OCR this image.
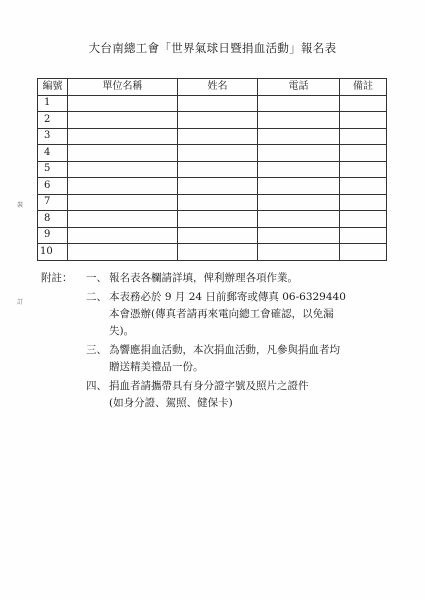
大台南總工會「世界氣球日暨捐血活動」報名表
裝
訂
編號	單位名稱	姓名	電話	備註
1				
2				
3				
4				
5				
6				
7				
8				
9				
10				
附註： 一、 報名表各欄請詳填，俾利辦理各項作業。
二、 本表務必於 9 月 24 日前郵寄或傳真 06-6329440
本會憑辦(傳真者請再來電向總工會確認，以免漏
失)。
三、 為響應捐血活動，本次捐血活動，凡參與捐血者均
贈送精美禮品一份。
四、 捐血者請攜帶具有身分證字號及照片之證件
(如身分證、駕照、健保卡)
